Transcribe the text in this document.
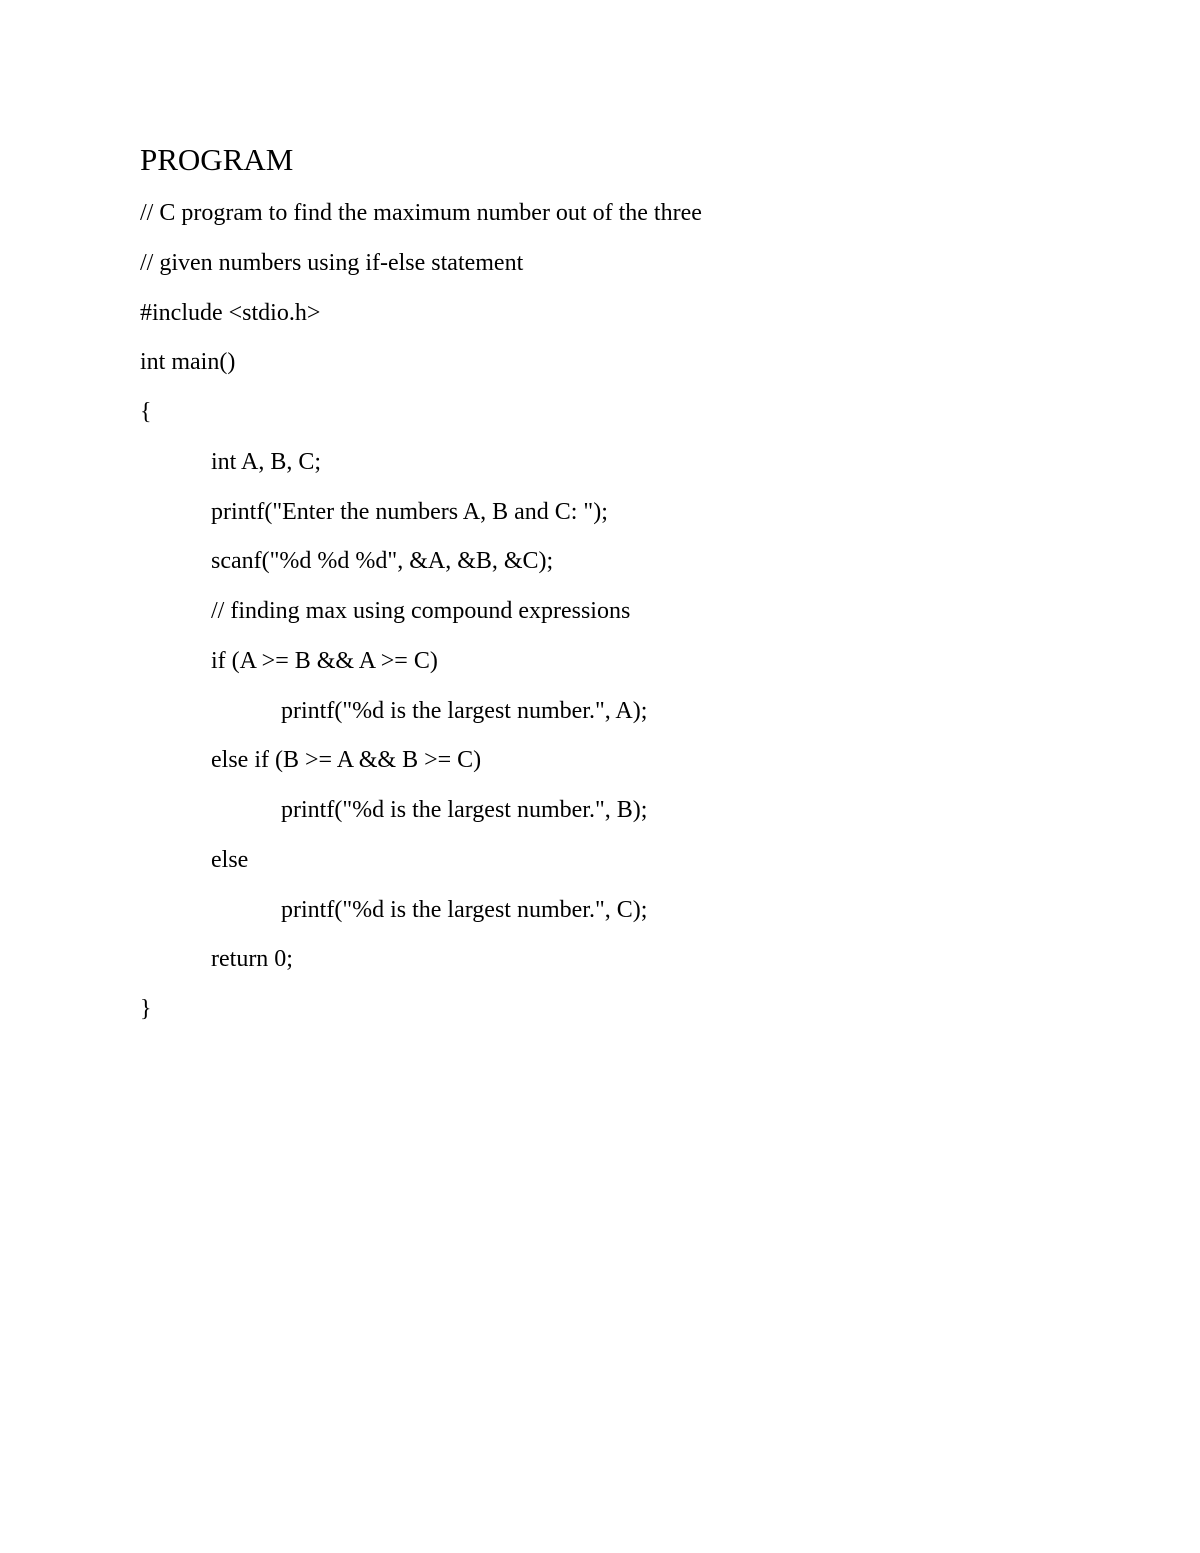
PROGRAM
// C program to find the maximum number out of the three
// given numbers using if-else statement
#include <stdio.h>
int main()
{
int A, B, C;
printf("Enter the numbers A, B and C: ");
scanf("%d %d %d", &A, &B, &C);
// finding max using compound expressions
if (A >= B && A >= C)
printf("%d is the largest number.", A);
else if (B >= A && B >= C)
printf("%d is the largest number.", B);
else
printf("%d is the largest number.", C);
return 0;
}
